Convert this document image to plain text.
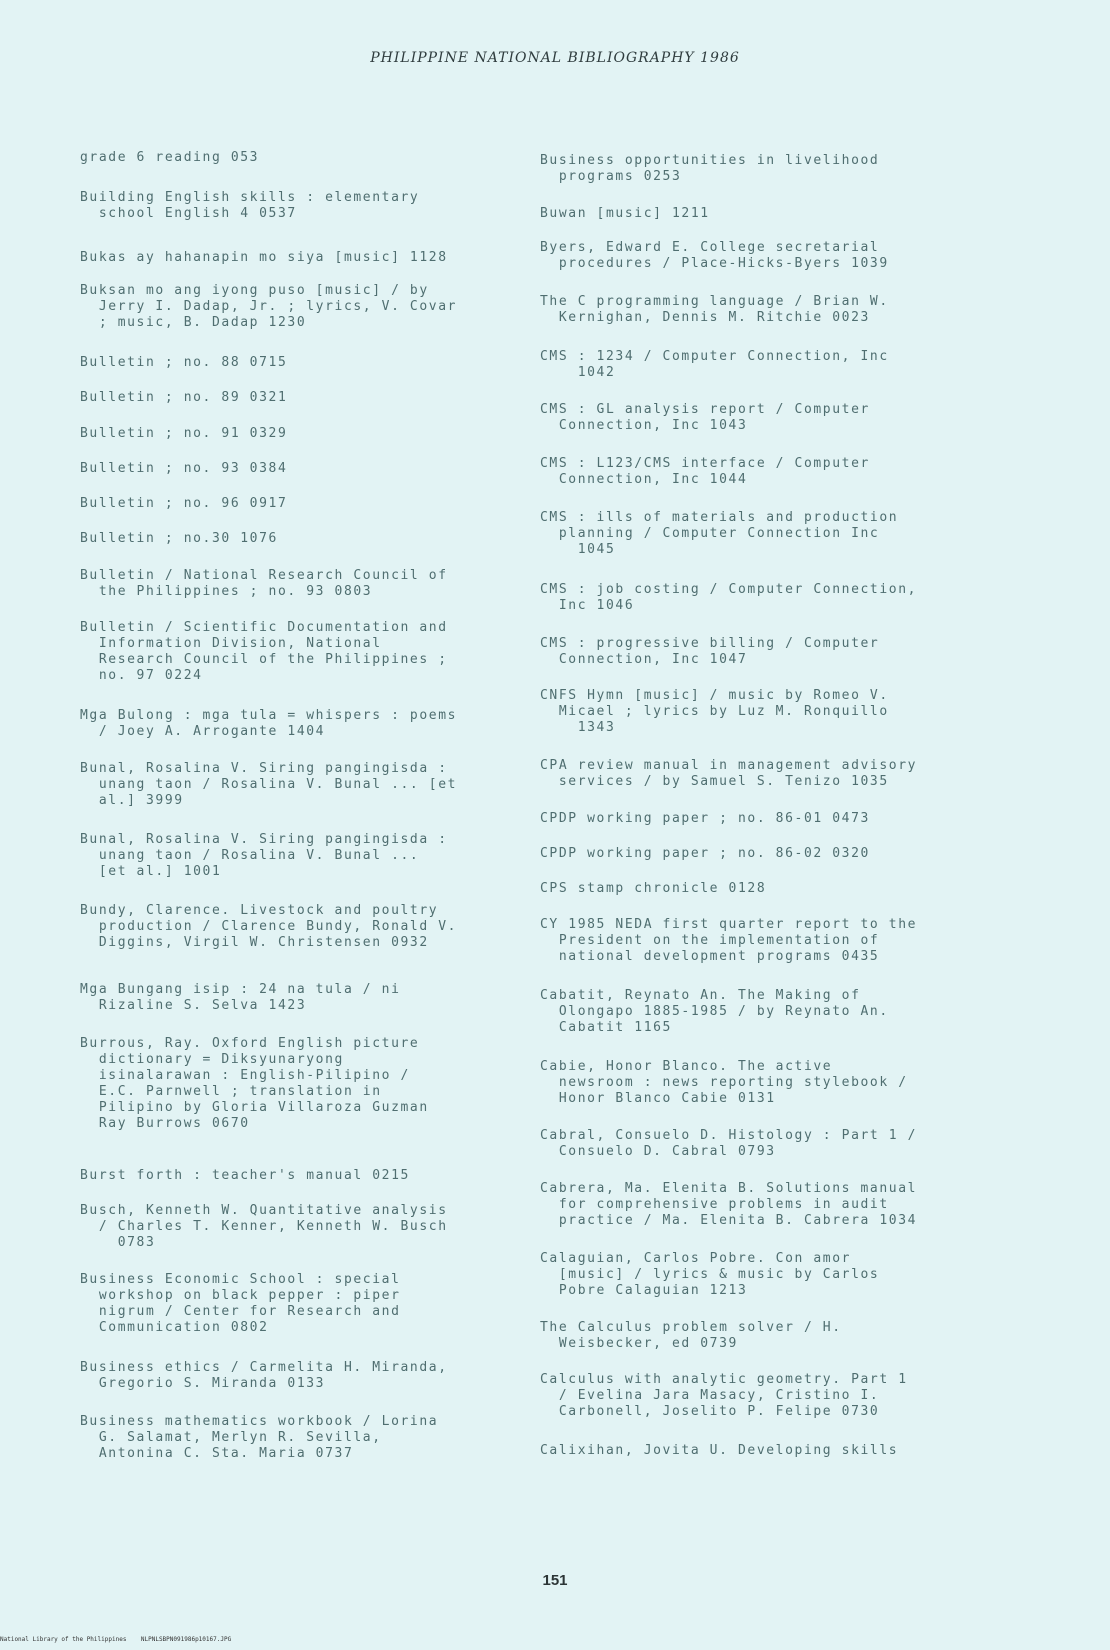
PHILIPPINE NATIONAL BIBLIOGRAPHY 1986
grade 6 reading 053
Building English skills : elementary
school English 4 0537
Bukas ay hahanapin mo siya [music] 1128
Buksan mo ang iyong puso [music] / by
Jerry I. Dadap, Jr. ; lyrics, V. Covar
; music, B. Dadap 1230
Bulletin ; no. 88 0715
Bulletin ; no. 89 0321
Bulletin ; no. 91 0329
Bulletin ; no. 93 0384
Bulletin ; no. 96 0917
Bulletin ; no.30 1076
Bulletin / National Research Council of
the Philippines ; no. 93 0803
Bulletin / Scientific Documentation and
Information Division, National
Research Council of the Philippines ;
no. 97 0224
Mga Bulong : mga tula = whispers : poems
/ Joey A. Arrogante 1404
Bunal, Rosalina V. Siring pangingisda :
unang taon / Rosalina V. Bunal ... [et
al.] 3999
Bunal, Rosalina V. Siring pangingisda :
unang taon / Rosalina V. Bunal ...
[et al.] 1001
Bundy, Clarence. Livestock and poultry
production / Clarence Bundy, Ronald V.
Diggins, Virgil W. Christensen 0932
Mga Bungang isip : 24 na tula / ni
Rizaline S. Selva 1423
Burrous, Ray. Oxford English picture
dictionary = Diksyunaryong
isinalarawan : English-Pilipino /
E.C. Parnwell ; translation in
Pilipino by Gloria Villaroza Guzman
Ray Burrows 0670
Burst forth : teacher's manual 0215
Busch, Kenneth W. Quantitative analysis
/ Charles T. Kenner, Kenneth W. Busch
0783
Business Economic School : special
workshop on black pepper : piper
nigrum / Center for Research and
Communication 0802
Business ethics / Carmelita H. Miranda,
Gregorio S. Miranda 0133
Business mathematics workbook / Lorina
G. Salamat, Merlyn R. Sevilla,
Antonina C. Sta. Maria 0737
Business opportunities in livelihood
programs 0253
Buwan [music] 1211
Byers, Edward E. College secretarial
procedures / Place-Hicks-Byers 1039
The C programming language / Brian W.
Kernighan, Dennis M. Ritchie 0023
CMS : 1234 / Computer Connection, Inc
1042
CMS : GL analysis report / Computer
Connection, Inc 1043
CMS : L123/CMS interface / Computer
Connection, Inc 1044
CMS : ills of materials and production
planning / Computer Connection Inc
1045
CMS : job costing / Computer Connection,
Inc 1046
CMS : progressive billing / Computer
Connection, Inc 1047
CNFS Hymn [music] / music by Romeo V.
Micael ; lyrics by Luz M. Ronquillo
1343
CPA review manual in management advisory
services / by Samuel S. Tenizo 1035
CPDP working paper ; no. 86-01 0473
CPDP working paper ; no. 86-02 0320
CPS stamp chronicle 0128
CY 1985 NEDA first quarter report to the
President on the implementation of
national development programs 0435
Cabatit, Reynato An. The Making of
Olongapo 1885-1985 / by Reynato An.
Cabatit 1165
Cabie, Honor Blanco. The active
newsroom : news reporting stylebook /
Honor Blanco Cabie 0131
Cabral, Consuelo D. Histology : Part 1 /
Consuelo D. Cabral 0793
Cabrera, Ma. Elenita B. Solutions manual
for comprehensive problems in audit
practice / Ma. Elenita B. Cabrera 1034
Calaguian, Carlos Pobre. Con amor
[music] / lyrics & music by Carlos
Pobre Calaguian 1213
The Calculus problem solver / H.
Weisbecker, ed 0739
Calculus with analytic geometry. Part 1
/ Evelina Jara Masacy, Cristino I.
Carbonell, Joselito P. Felipe 0730
Calixihan, Jovita U. Developing skills
151
National Library of the Philippines    NLPNLSBPN091986p10167.JPG
